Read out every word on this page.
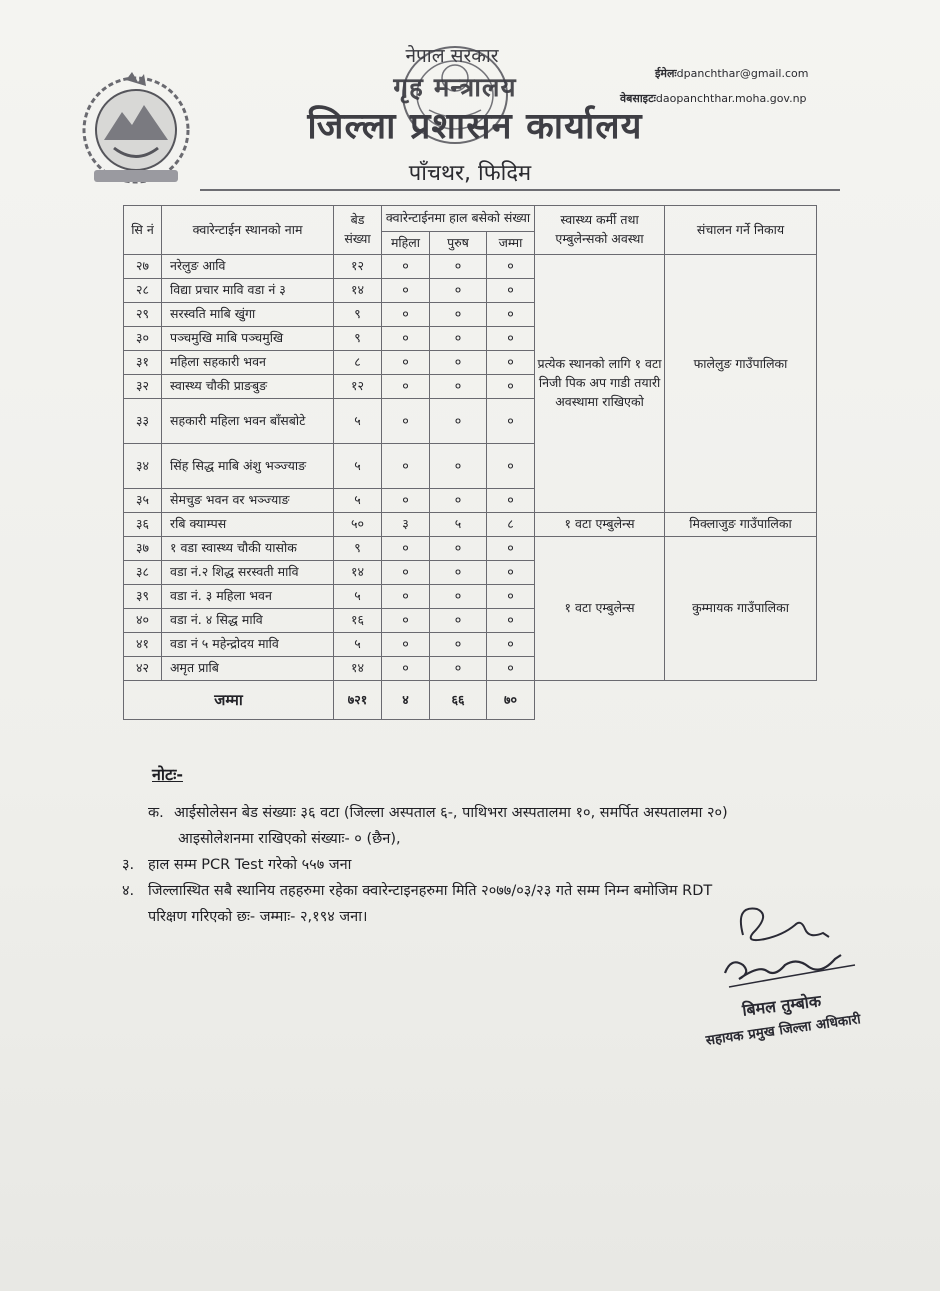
नेपाल सरकार
गृह मन्त्रालय
जिल्ला प्रशासन कार्यालय
पाँचथर, फिदिम
ईमेलःdpanchthar@gmail.com
वेबसाइटःdaopanchthar.moha.gov.np
सि नं	क्वारेन्टाईन स्थानको नाम	बेड संख्या	क्वारेन्टाईनमा हाल बसेको संख्या			स्वास्थ्य कर्मी तथा एम्बुलेन्सको अवस्था	संचालन गर्ने निकाय
			महिला	पुरुष	जम्मा		
२७	नरेलुङ आवि	१२	०	०	०	प्रत्येक स्थानको लागि १ वटा निजी पिक अप गाडी तयारी अवस्थामा राखिएको	फालेलुङ गाउँपालिका
२८	विद्या प्रचार मावि वडा नं ३	१४	०	०	०		
२९	सरस्वति माबि खुंगा	९	०	०	०		
३०	पञ्चमुखि माबि पञ्चमुखि	९	०	०	०		
३१	महिला सहकारी भवन	८	०	०	०		
३२	स्वास्थ्य चौकी प्राङबुङ	१२	०	०	०		
३३	सहकारी महिला भवन बाँसबोटे	५	०	०	०		
३४	सिंह सिद्ध माबि अंशु भञ्ज्याङ	५	०	०	०		
३५	सेमचुङ भवन वर भञ्ज्याङ	५	०	०	०		
३६	रबि क्याम्पस	५०	३	५	८	१ वटा एम्बुलेन्स	मिक्लाजुङ गाउँपालिका
३७	१ वडा स्वास्थ्य चौकी यासोक	९	०	०	०	१ वटा एम्बुलेन्स	कुम्मायक गाउँपालिका
३८	वडा नं.२ शिद्ध सरस्वती मावि	१४	०	०	०		
३९	वडा नं. ३ महिला भवन	५	०	०	०		
४०	वडा नं. ४ सिद्ध मावि	१६	०	०	०		
४१	वडा नं ५ महेन्द्रोदय मावि	५	०	०	०		
४२	अमृत प्राबि	१४	०	०	०		
जम्मा		७२१	४	६६	७०		
नोटः-
क. आईसोलेसन बेड संख्याः ३६ वटा (जिल्ला अस्पताल ६-, पाथिभरा अस्पतालमा १०, समर्पित अस्पतालमा २०)
आइसोलेशनमा राखिएको संख्याः- ० (छैन),
३. हाल सम्म PCR Test गरेको ५५७ जना
४. जिल्लास्थित सबै स्थानिय तहहरुमा रहेका क्वारेन्टाइनहरुमा मिति २०७७/०३/२३ गते सम्म निम्न बमोजिम RDT
परिक्षण गरिएको छः- जम्माः- २,१९४ जना।
बिमल तुम्बोक
सहायक प्रमुख जिल्ला अधिकारी
